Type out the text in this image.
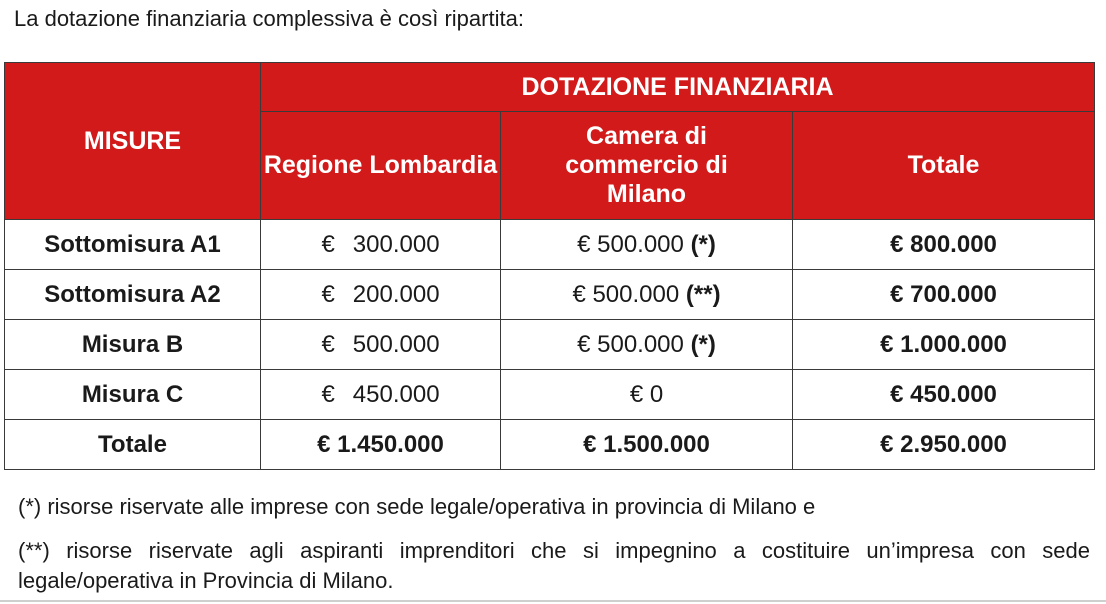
La dotazione finanziaria complessiva è così ripartita:
MISURE	DOTAZIONE FINANZIARIA		
	Regione Lombardia	Camera di commercio di Milano	Totale
Sottomisura A1	€ 300.000	€ 500.000 (*)	€ 800.000
Sottomisura A2	€ 200.000	€ 500.000 (**)	€ 700.000
Misura B	€ 500.000	€ 500.000 (*)	€ 1.000.000
Misura C	€ 450.000	€ 0	€ 450.000
Totale	€ 1.450.000	€ 1.500.000	€ 2.950.000
(*) risorse riservate alle imprese con sede legale/operativa in provincia di Milano e
(**) risorse riservate agli aspiranti imprenditori che si impegnino a costituire un’impresa con sede legale/operativa in Provincia di Milano.
